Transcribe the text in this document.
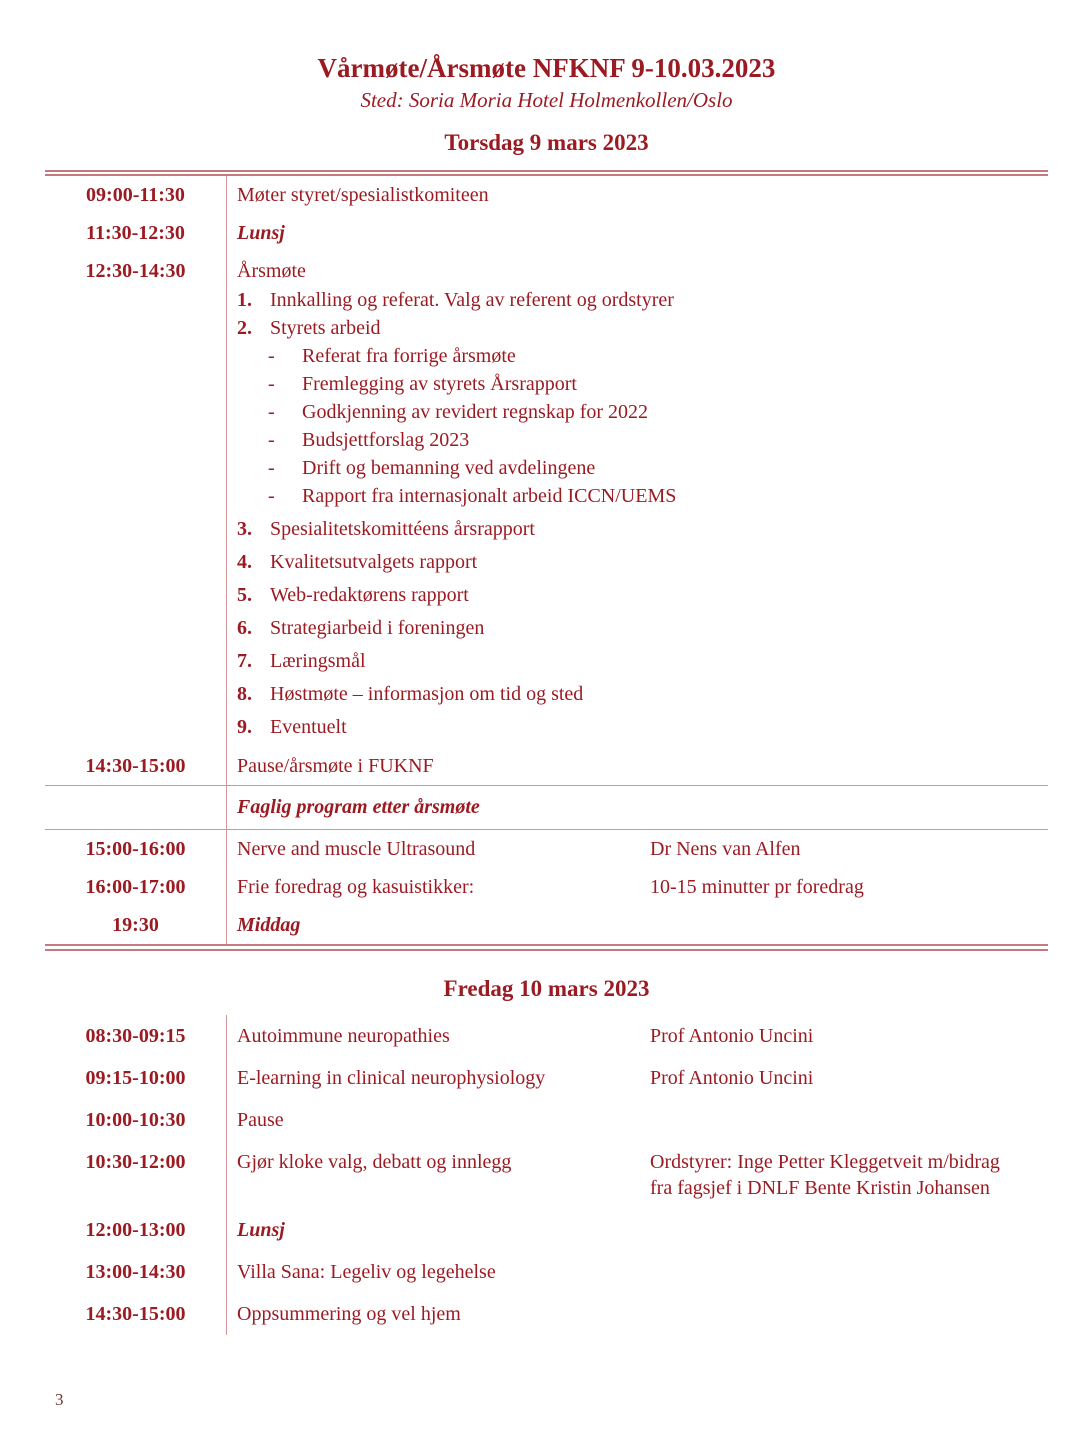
Vårmøte/Årsmøte NFKNF 9-10.03.2023
Sted: Soria Moria Hotel Holmenkollen/Oslo
Torsdag 9 mars 2023
09:00-11:30	Møter styret/spesialistkomiteen
11:30-12:30	Lunsj
12:30-14:30	Årsmøte
1. Innkalling og referat. Valg av referent og ordstyrer
2. Styrets arbeid
- Referat fra forrige årsmøte
- Fremlegging av styrets Årsrapport
- Godkjenning av revidert regnskap for 2022
- Budsjettforslag 2023
- Drift og bemanning ved avdelingene
- Rapport fra internasjonalt arbeid ICCN/UEMS
3. Spesialitetskomittéens årsrapport
4. Kvalitetsutvalgets rapport
5. Web-redaktørens rapport
6. Strategiarbeid i foreningen
7. Læringsmål
8. Høstmøte – informasjon om tid og sted
9. Eventuelt
14:30-15:00	Pause/årsmøte i FUKNF
Faglig program etter årsmøte
15:00-16:00	Nerve and muscle Ultrasound	Dr Nens van Alfen
16:00-17:00	Frie foredrag og kasuistikker:	10-15 minutter pr foredrag
19:30	Middag
Fredag 10 mars 2023
08:30-09:15	Autoimmune neuropathies	Prof Antonio Uncini
09:15-10:00	E-learning in clinical neurophysiology	Prof Antonio Uncini
10:00-10:30	Pause
10:30-12:00	Gjør kloke valg, debatt og innlegg	Ordstyrer: Inge Petter Kleggetveit m/bidrag fra fagsjef i DNLF Bente Kristin Johansen
12:00-13:00	Lunsj
13:00-14:30	Villa Sana: Legeliv og legehelse
14:30-15:00	Oppsummering og vel hjem
3
